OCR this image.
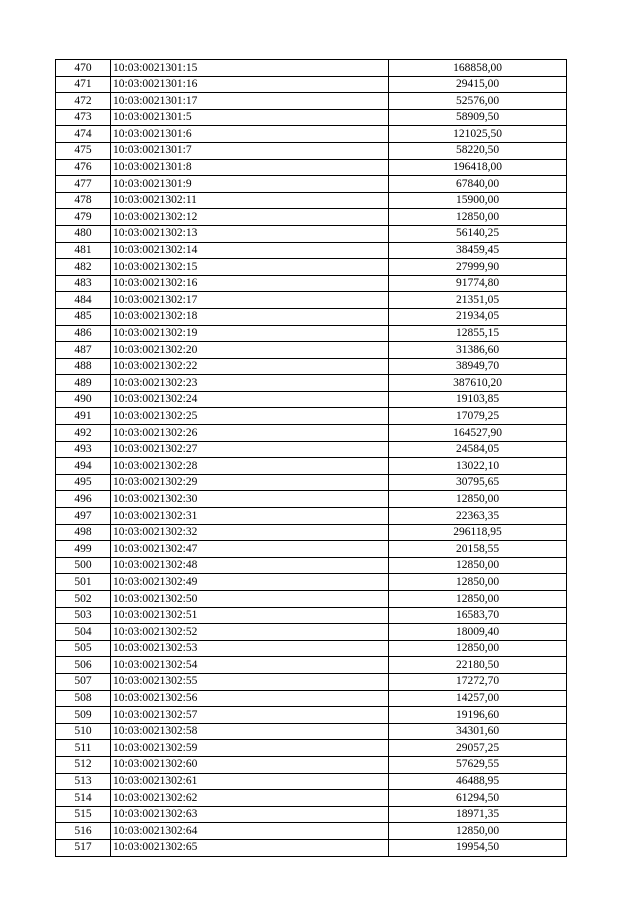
470	10:03:0021301:15	168858,00
471	10:03:0021301:16	29415,00
472	10:03:0021301:17	52576,00
473	10:03:0021301:5	58909,50
474	10:03:0021301:6	121025,50
475	10:03:0021301:7	58220,50
476	10:03:0021301:8	196418,00
477	10:03:0021301:9	67840,00
478	10:03:0021302:11	15900,00
479	10:03:0021302:12	12850,00
480	10:03:0021302:13	56140,25
481	10:03:0021302:14	38459,45
482	10:03:0021302:15	27999,90
483	10:03:0021302:16	91774,80
484	10:03:0021302:17	21351,05
485	10:03:0021302:18	21934,05
486	10:03:0021302:19	12855,15
487	10:03:0021302:20	31386,60
488	10:03:0021302:22	38949,70
489	10:03:0021302:23	387610,20
490	10:03:0021302:24	19103,85
491	10:03:0021302:25	17079,25
492	10:03:0021302:26	164527,90
493	10:03:0021302:27	24584,05
494	10:03:0021302:28	13022,10
495	10:03:0021302:29	30795,65
496	10:03:0021302:30	12850,00
497	10:03:0021302:31	22363,35
498	10:03:0021302:32	296118,95
499	10:03:0021302:47	20158,55
500	10:03:0021302:48	12850,00
501	10:03:0021302:49	12850,00
502	10:03:0021302:50	12850,00
503	10:03:0021302:51	16583,70
504	10:03:0021302:52	18009,40
505	10:03:0021302:53	12850,00
506	10:03:0021302:54	22180,50
507	10:03:0021302:55	17272,70
508	10:03:0021302:56	14257,00
509	10:03:0021302:57	19196,60
510	10:03:0021302:58	34301,60
511	10:03:0021302:59	29057,25
512	10:03:0021302:60	57629,55
513	10:03:0021302:61	46488,95
514	10:03:0021302:62	61294,50
515	10:03:0021302:63	18971,35
516	10:03:0021302:64	12850,00
517	10:03:0021302:65	19954,50
